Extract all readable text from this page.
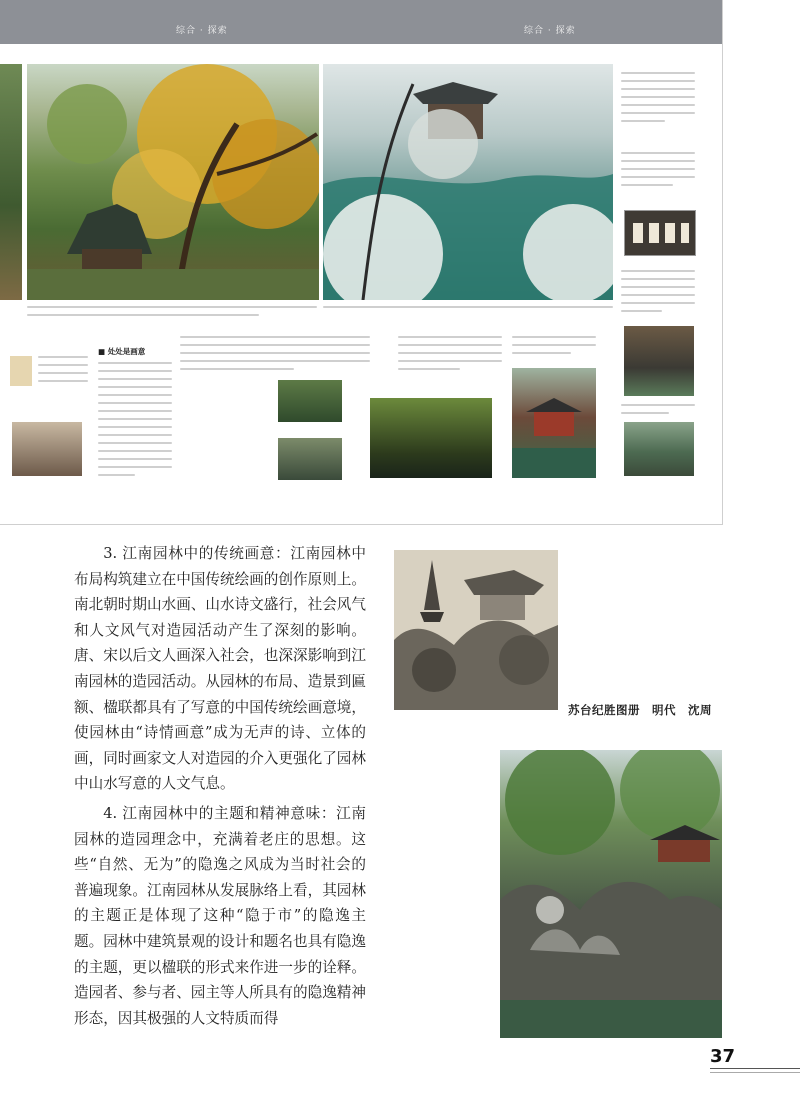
综合 · 探索	综合 · 探索
■ 处处是画意

3. 江南园林中的传统画意：江南园林中布局构筑建立在中国传统绘画的创作原则上。南北朝时期山水画、山水诗文盛行，社会风气和人文风气对造园活动产生了深刻的影响。唐、宋以后文人画深入社会，也深深影响到江南园林的造园活动。从园林的布局、造景到匾额、楹联都具有了写意的中国传统绘画意境，使园林由“诗情画意”成为无声的诗、立体的画，同时画家文人对造园的介入更强化了园林中山水写意的人文气息。

4. 江南园林中的主题和精神意味：江南园林的造园理念中，充满着老庄的思想。这些“自然、无为”的隐逸之风成为当时社会的普遍现象。江南园林从发展脉络上看，其园林的主题正是体现了这种“隐于市”的隐逸主题。园林中建筑景观的设计和题名也具有隐逸的主题，更以楹联的形式来作进一步的诠释。造园者、参与者、园主等人所具有的隐逸精神形态，因其极强的人文特质而得

苏台纪胜图册　明代　沈周
37
